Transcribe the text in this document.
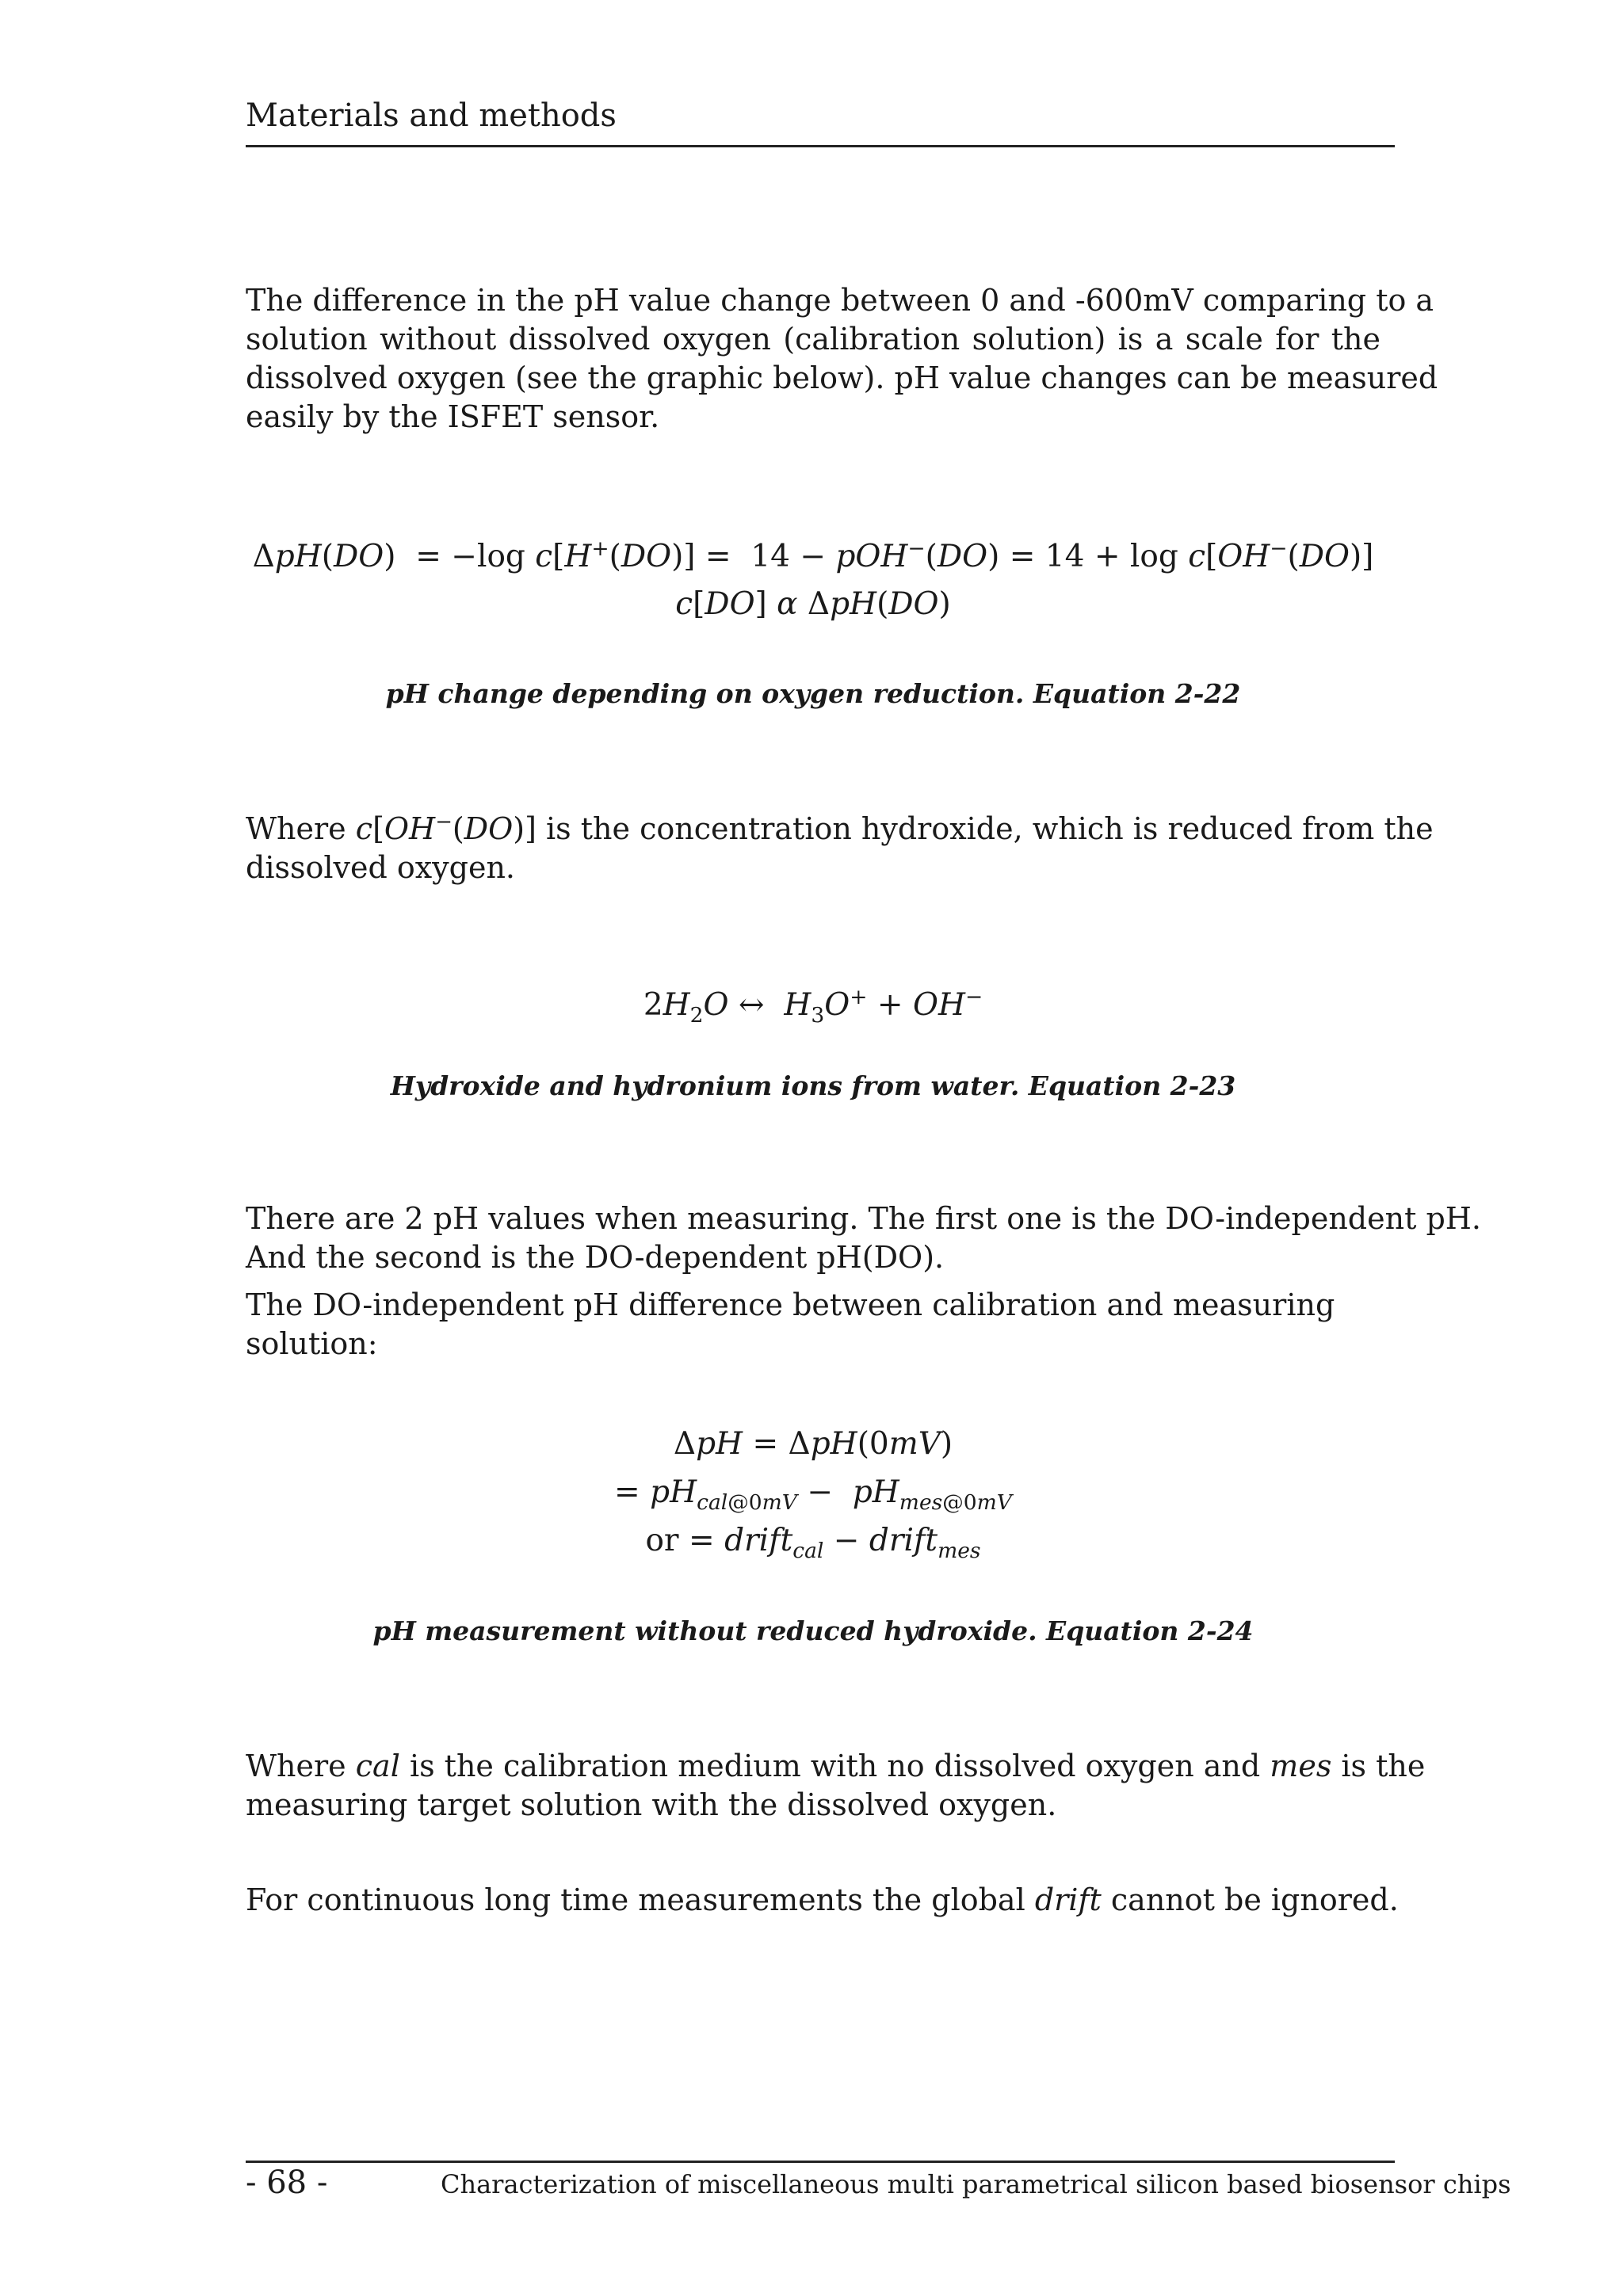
Materials and methods

The difference in the pH value change between 0 and -600mV comparing to a
solution without dissolved oxygen (calibration solution) is a scale for the
dissolved oxygen (see the graphic below). pH value changes can be measured
easily by the ISFET sensor.

ΔpH(DO)  = −log c[H+(DO)] =  14 − pOH−(DO) = 14 + log c[OH−(DO)]
c[DO] α ΔpH(DO)
pH change depending on oxygen reduction. Equation 2-22

Where c[OH−(DO)] is the concentration hydroxide, which is reduced from the
dissolved oxygen.

$2H_2O$ ↔  $H_3O^+ + OH^-$
Hydroxide and hydronium ions from water. Equation 2-23

There are 2 pH values when measuring. The first one is the DO-independent pH.
And the second is the DO-dependent pH(DO).

The DO-independent pH difference between calibration and measuring solution:

ΔpH = ΔpH(0mV)
= $pH_{cal@0mV} - pH_{mes@0mV}$
or = drift$_{cal}$ − drift$_{mes}$
pH measurement without reduced hydroxide. Equation 2-24

Where cal is the calibration medium with no dissolved oxygen and mes is the
measuring target solution with the dissolved oxygen.

For continuous long time measurements the global drift cannot be ignored.

- 68 -	Characterization of miscellaneous multi parametrical silicon based biosensor chips
